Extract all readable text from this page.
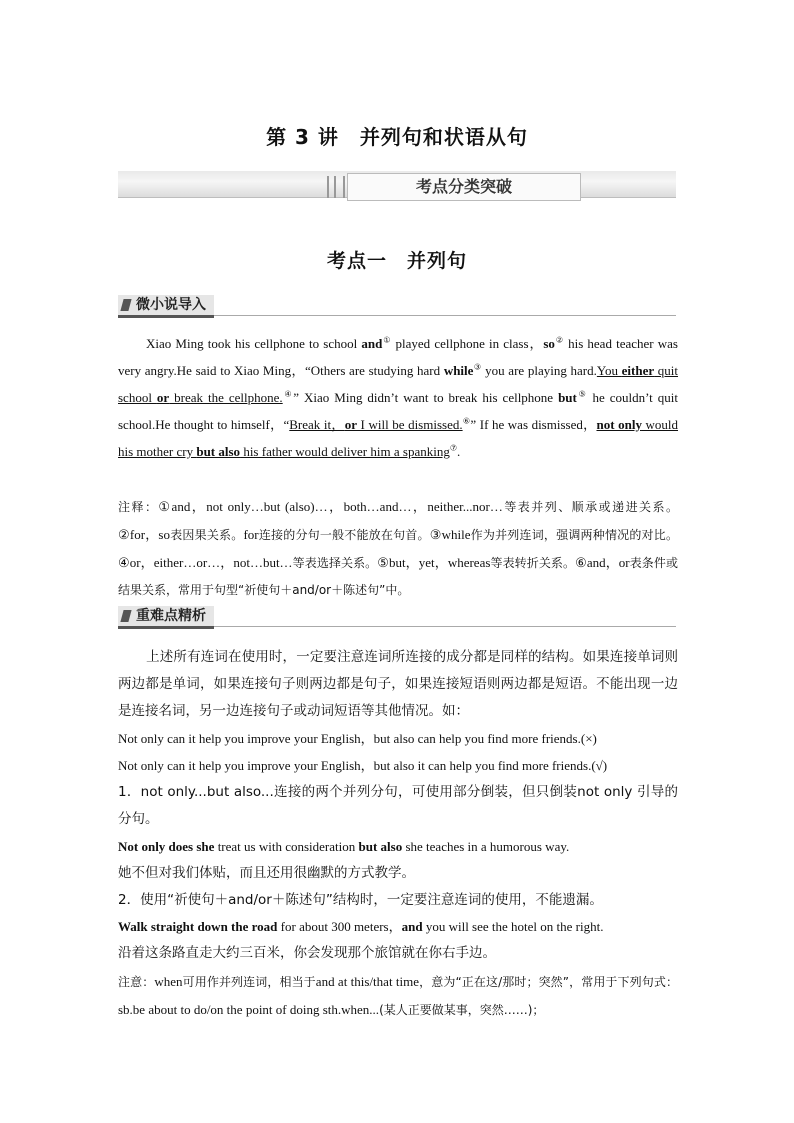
第 3 讲　并列句和状语从句
考点分类突破
考点一　并列句
微小说导入
Xiao Ming took his cellphone to school and① played cellphone in class，so② his head teacher was very angry.He said to Xiao Ming，“Others are studying hard while③ you are playing hard.You either quit school or break the cellphone.④” Xiao Ming didn’t want to break his cellphone but⑤ he couldn’t quit school.He thought to himself，“Break it，or I will be dismissed.⑥” If he was dismissed，not only would his mother cry but also his father would deliver him a spanking⑦.
注释：①and，not only…but (also)…，both…and…，neither...nor…等表并列、顺承或递进关系。②for，so表因果关系。for连接的分句一般不能放在句首。③while作为并列连词，强调两种情况的对比。④or，either…or…，not…but…等表选择关系。⑤but，yet，whereas等表转折关系。⑥and，or表条件或结果关系，常用于句型“祈使句＋and/or＋陈述句”中。
重难点精析
上述所有连词在使用时，一定要注意连词所连接的成分都是同样的结构。如果连接单词则两边都是单词，如果连接句子则两边都是句子，如果连接短语则两边都是短语。不能出现一边是连接名词，另一边连接句子或动词短语等其他情况。如：
Not only can it help you improve your English，but also can help you find more friends.(×)
Not only can it help you improve your English，but also it can help you find more friends.(√)
1．not only...but also...连接的两个并列分句，可使用部分倒装，但只倒装not only 引导的分句。
Not only does she treat us with consideration but also she teaches in a humorous way.
她不但对我们体贴，而且还用很幽默的方式教学。
2．使用“祈使句＋and/or＋陈述句”结构时，一定要注意连词的使用，不能遗漏。
Walk straight down the road for about 300 meters，and you will see the hotel on the right.
沿着这条路直走大约三百米，你会发现那个旅馆就在你右手边。
注意：when可用作并列连词，相当于and at this/that time，意为“正在这/那时；突然”，常用于下列句式：sb.be about to do/on the point of doing sth.when...(某人正要做某事，突然……)；
